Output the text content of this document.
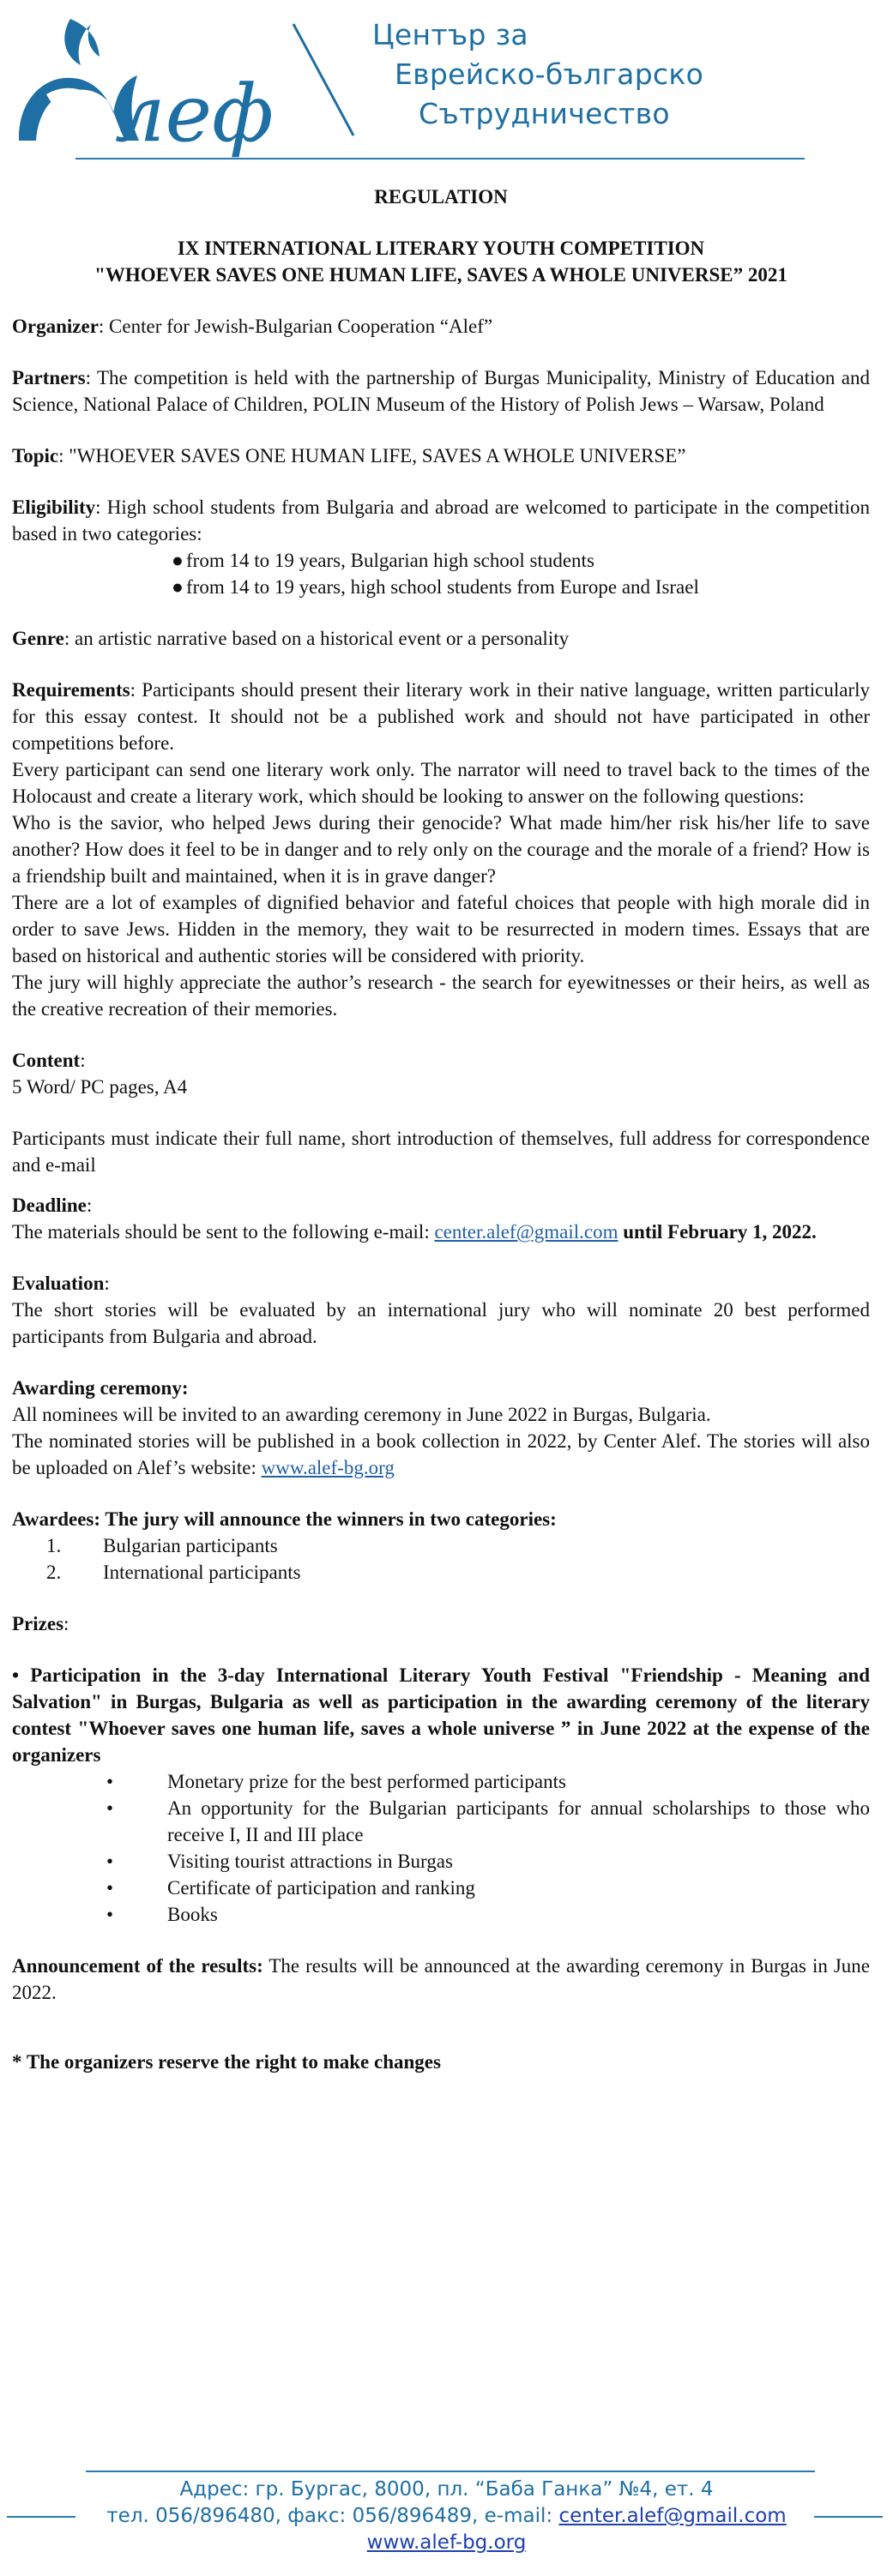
леф
Център за
Еврейско-българско
Сътрудничество

REGULATION

IX INTERNATIONAL LITERARY YOUTH COMPETITION

"WHOEVER SAVES ONE HUMAN LIFE, SAVES A WHOLE UNIVERSE” 2021

Organizer: Center for Jewish-Bulgarian Cooperation “Alef”

Partners: The competition is held with the partnership of Burgas Municipality, Ministry of Education and Science, National Palace of Children, POLIN Museum of the History of Polish Jews – Warsaw, Poland

Topic: "WHOEVER SAVES ONE HUMAN LIFE, SAVES A WHOLE UNIVERSE”

Eligibility: High school students from Bulgaria and abroad are welcomed to participate in the competition based in two categories:

● from 14 to 19 years, Bulgarian high school students
● from 14 to 19 years, high school students from Europe and Israel

Genre: an artistic narrative based on a historical event or a personality

Requirements: Participants should present their literary work in their native language, written particularly for this essay contest. It should not be a published work and should not have participated in other competitions before.

Every participant can send one literary work only. The narrator will need to travel back to the times of the Holocaust and create a literary work, which should be looking to answer on the following questions:

Who is the savior, who helped Jews during their genocide? What made him/her risk his/her life to save another? How does it feel to be in danger and to rely only on the courage and the morale of a friend? How is a friendship built and maintained, when it is in grave danger?

There are a lot of examples of dignified behavior and fateful choices that people with high morale did in order to save Jews. Hidden in the memory, they wait to be resurrected in modern times. Essays that are based on historical and authentic stories will be considered with priority.

The jury will highly appreciate the author’s research - the search for eyewitnesses or their heirs, as well as the creative recreation of their memories.

Content:

5 Word/ PC pages, A4

Participants must indicate their full name, short introduction of themselves, full address for correspondence and e-mail

Deadline:

The materials should be sent to the following e-mail: center.alef@gmail.com until February 1, 2022.

Evaluation:

The short stories will be evaluated by an international jury who will nominate 20 best performed participants from Bulgaria and abroad.

Awarding ceremony:

All nominees will be invited to an awarding ceremony in June 2022 in Burgas, Bulgaria.

The nominated stories will be published in a book collection in 2022, by Center Alef. The stories will also be uploaded on Alef’s website: www.alef-bg.org

Awardees: The jury will announce the winners in two categories:

1. Bulgarian participants
2. International participants

Prizes:

• Participation in the 3-day International Literary Youth Festival "Friendship - Meaning and Salvation" in Burgas, Bulgaria as well as participation in the awarding ceremony of the literary contest "Whoever saves one human life, saves a whole universe ” in June 2022 at the expense of the organizers

•	Monetary prize for the best performed participants
•	An opportunity for the Bulgarian participants for annual scholarships to those who receive I, II and III place
•	Visiting tourist attractions in Burgas
•	Certificate of participation and ranking
•	Books

Announcement of the results: The results will be announced at the awarding ceremony in Burgas in June 2022.

* The organizers reserve the right to make changes

Адрес: гр. Бургас, 8000, пл. “Баба Ганка” №4, ет. 4
тел. 056/896480, факс: 056/896489, e-mail: center.alef@gmail.com
www.alef-bg.org
